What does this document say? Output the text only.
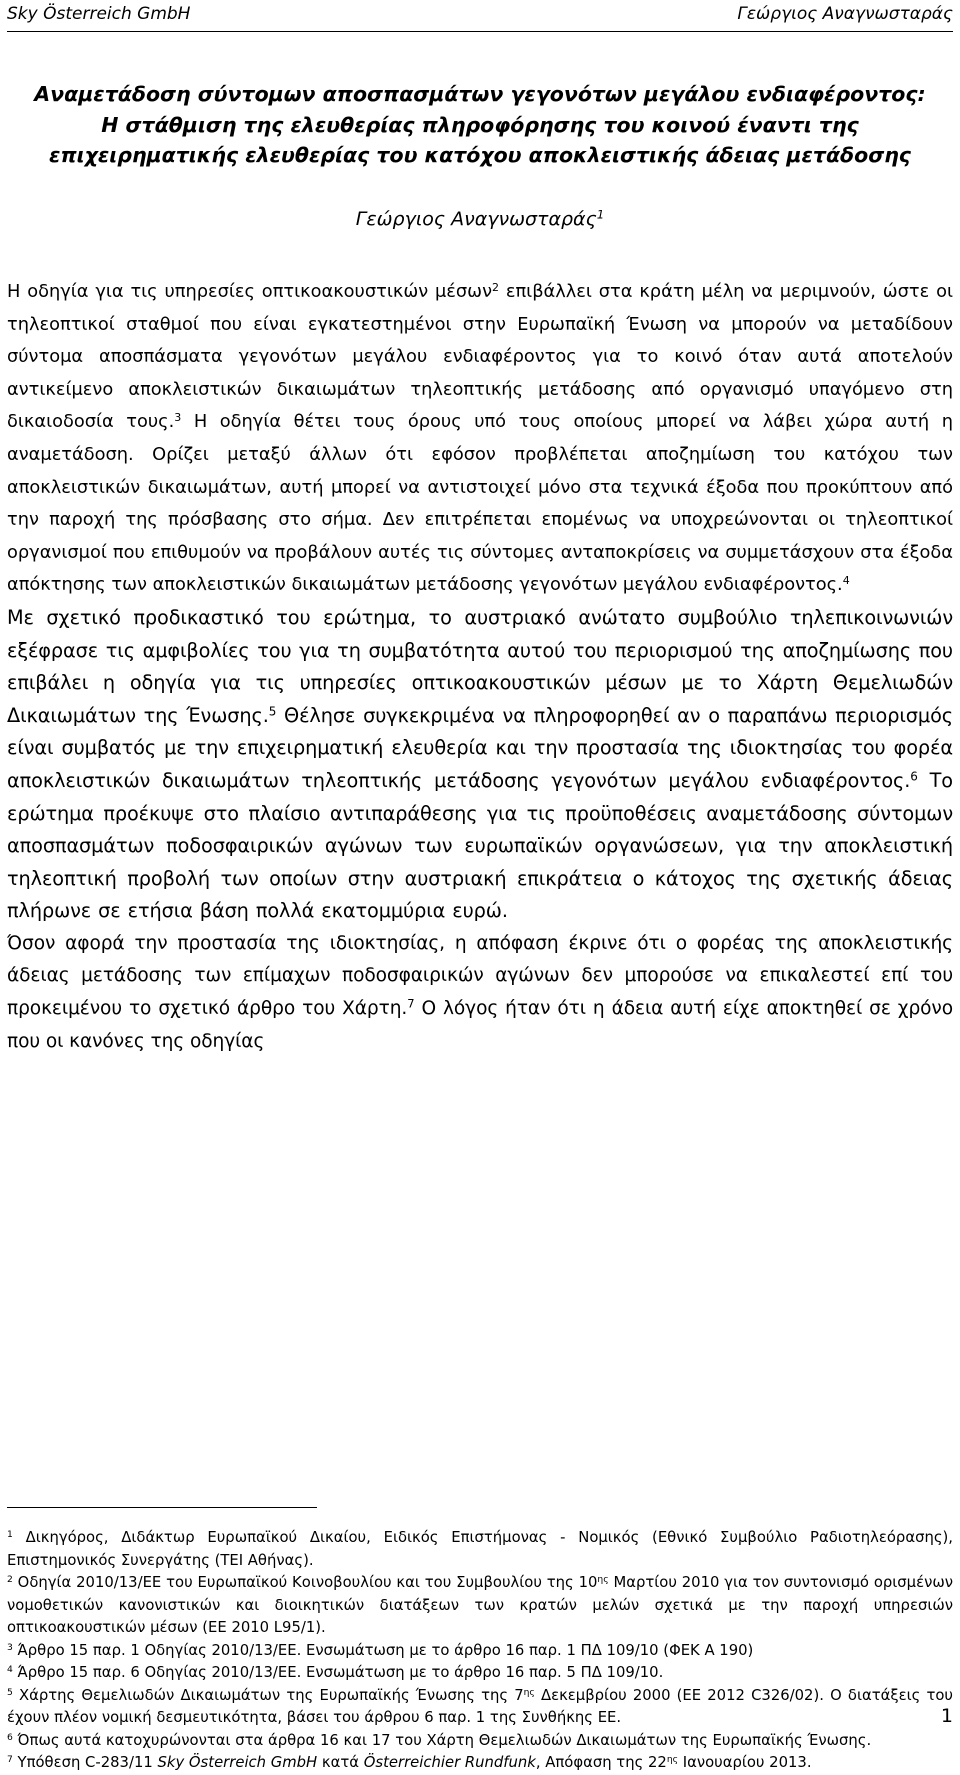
Sky Österreich GmbH	Γεώργιος Αναγνωσταράς
Αναμετάδοση σύντομων αποσπασμάτων γεγονότων μεγάλου ενδιαφέροντος: Η στάθμιση της ελευθερίας πληροφόρησης του κοινού έναντι της επιχειρηματικής ελευθερίας του κατόχου αποκλειστικής άδειας μετάδοσης
Γεώργιος Αναγνωσταράς$^1$

Η οδηγία για τις υπηρεσίες οπτικοακουστικών μέσων$^2$ επιβάλλει στα κράτη μέλη να μεριμνούν, ώστε οι τηλεοπτικοί σταθμοί που είναι εγκατεστημένοι στην Ευρωπαϊκή Ένωση να μπορούν να μεταδίδουν σύντομα αποσπάσματα γεγονότων μεγάλου ενδιαφέροντος για το κοινό όταν αυτά αποτελούν αντικείμενο αποκλειστικών δικαιωμάτων τηλεοπτικής μετάδοσης από οργανισμό υπαγόμενο στη δικαιοδοσία τους.$^3$ Η οδηγία θέτει τους όρους υπό τους οποίους μπορεί να λάβει χώρα αυτή η αναμετάδοση. Ορίζει μεταξύ άλλων ότι εφόσον προβλέπεται αποζημίωση του κατόχου των αποκλειστικών δικαιωμάτων, αυτή μπορεί να αντιστοιχεί μόνο στα τεχνικά έξοδα που προκύπτουν από την παροχή της πρόσβασης στο σήμα. Δεν επιτρέπεται επομένως να υποχρεώνονται οι τηλεοπτικοί οργανισμοί που επιθυμούν να προβάλουν αυτές τις σύντομες ανταποκρίσεις να συμμετάσχουν στα έξοδα απόκτησης των αποκλειστικών δικαιωμάτων μετάδοσης γεγονότων μεγάλου ενδιαφέροντος.$^4$

Με σχετικό προδικαστικό του ερώτημα, το αυστριακό ανώτατο συμβούλιο τηλεπικοινωνιών εξέφρασε τις αμφιβολίες του για τη συμβατότητα αυτού του περιορισμού της αποζημίωσης που επιβάλει η οδηγία για τις υπηρεσίες οπτικοακουστικών μέσων με το Χάρτη Θεμελιωδών Δικαιωμάτων της Ένωσης.$^5$ Θέλησε συγκεκριμένα να πληροφορηθεί αν ο παραπάνω περιορισμός είναι συμβατός με την επιχειρηματική ελευθερία και την προστασία της ιδιοκτησίας του φορέα αποκλειστικών δικαιωμάτων τηλεοπτικής μετάδοσης γεγονότων μεγάλου ενδιαφέροντος.$^6$ Το ερώτημα προέκυψε στο πλαίσιο αντιπαράθεσης για τις προϋποθέσεις αναμετάδοσης σύντομων αποσπασμάτων ποδοσφαιρικών αγώνων των ευρωπαϊκών οργανώσεων, για την αποκλειστική τηλεοπτική προβολή των οποίων στην αυστριακή επικράτεια ο κάτοχος της σχετικής άδειας πλήρωνε σε ετήσια βάση πολλά εκατομμύρια ευρώ.

Όσον αφορά την προστασία της ιδιοκτησίας, η απόφαση έκρινε ότι ο φορέας της αποκλειστικής άδειας μετάδοσης των επίμαχων ποδοσφαιρικών αγώνων δεν μπορούσε να επικαλεστεί επί του προκειμένου το σχετικό άρθρο του Χάρτη.$^7$ Ο λόγος ήταν ότι η άδεια αυτή είχε αποκτηθεί σε χρόνο που οι κανόνες της οδηγίας

$^1$ Δικηγόρος, Διδάκτωρ Ευρωπαϊκού Δικαίου, Ειδικός Επιστήμονας - Νομικός (Εθνικό Συμβούλιο Ραδιοτηλεόρασης), Επιστημονικός Συνεργάτης (ΤΕΙ Αθήνας).

$^2$ Οδηγία 2010/13/ΕΕ του Ευρωπαϊκού Κοινοβουλίου και του Συμβουλίου της $10^{\eta\varsigma}$ Μαρτίου 2010 για τον συντονισμό ορισμένων νομοθετικών κανονιστικών και διοικητικών διατάξεων των κρατών μελών σχετικά με την παροχή υπηρεσιών οπτικοακουστικών μέσων (ΕΕ 2010 L95/1).

$^3$ Άρθρο 15 παρ. 1 Οδηγίας 2010/13/ΕΕ. Ενσωμάτωση με το άρθρο 16 παρ. 1 ΠΔ 109/10 (ΦΕΚ Α 190)

$^4$ Άρθρο 15 παρ. 6 Οδηγίας 2010/13/ΕΕ. Ενσωμάτωση με το άρθρο 16 παρ. 5 ΠΔ 109/10.

$^5$ Χάρτης Θεμελιωδών Δικαιωμάτων της Ευρωπαϊκής Ένωσης της $7^{\eta\varsigma}$ Δεκεμβρίου 2000 (ΕΕ 2012 C326/02). Ο διατάξεις του έχουν πλέον νομική δεσμευτικότητα, βάσει του άρθρου 6 παρ. 1 της Συνθήκης ΕΕ.

$^6$ Όπως αυτά κατοχυρώνονται στα άρθρα 16 και 17 του Χάρτη Θεμελιωδών Δικαιωμάτων της Ευρωπαϊκής Ένωσης.

$^7$ Υπόθεση C-283/11 Sky Österreich GmbH κατά Österreichier Rundfunk, Απόφαση της $22^{\eta\varsigma}$ Ιανουαρίου 2013.

1
